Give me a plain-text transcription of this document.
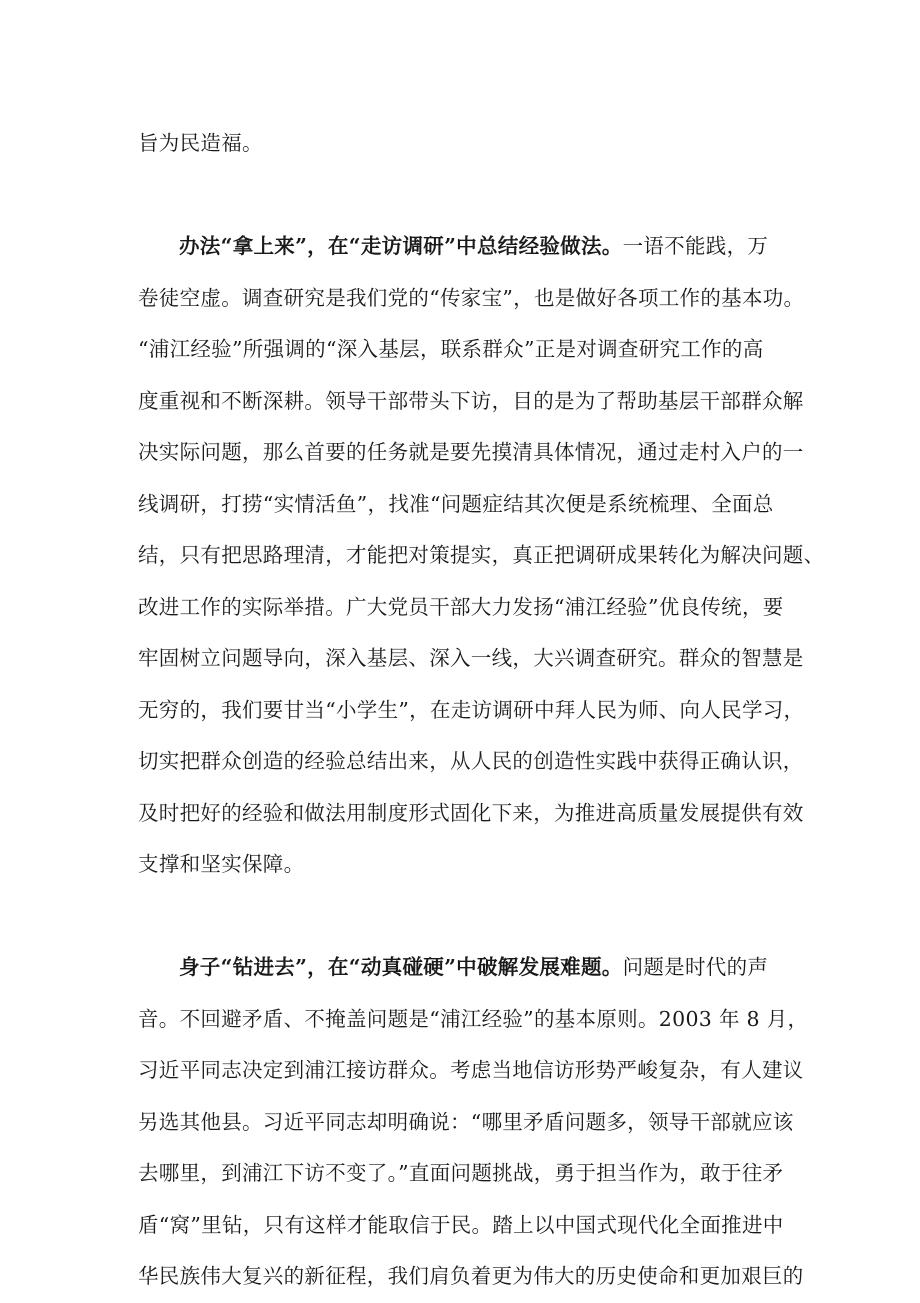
旨为民造福。
办法“拿上来”，在“走访调研”中总结经验做法。一语不能践，万
卷徒空虚。调查研究是我们党的“传家宝”，也是做好各项工作的基本功。
“浦江经验”所强调的“深入基层，联系群众”正是对调查研究工作的高
度重视和不断深耕。领导干部带头下访，目的是为了帮助基层干部群众解
决实际问题，那么首要的任务就是要先摸清具体情况，通过走村入户的一
线调研，打捞“实情活鱼”，找准“问题症结其次便是系统梳理、全面总
结，只有把思路理清，才能把对策提实，真正把调研成果转化为解决问题、
改进工作的实际举措。广大党员干部大力发扬“浦江经验”优良传统，要
牢固树立问题导向，深入基层、深入一线，大兴调查研究。群众的智慧是
无穷的，我们要甘当“小学生”，在走访调研中拜人民为师、向人民学习，
切实把群众创造的经验总结出来，从人民的创造性实践中获得正确认识，
及时把好的经验和做法用制度形式固化下来，为推进高质量发展提供有效
支撑和坚实保障。
身子“钻进去”，在“动真碰硬”中破解发展难题。问题是时代的声
音。不回避矛盾、不掩盖问题是“浦江经验”的基本原则。2003 年 8 月，
习近平同志决定到浦江接访群众。考虑当地信访形势严峻复杂，有人建议
另选其他县。习近平同志却明确说：“哪里矛盾问题多，领导干部就应该
去哪里，到浦江下访不变了。”直面问题挑战，勇于担当作为，敢于往矛
盾“窝”里钻，只有这样才能取信于民。踏上以中国式现代化全面推进中
华民族伟大复兴的新征程，我们肩负着更为伟大的历史使命和更加艰巨的
